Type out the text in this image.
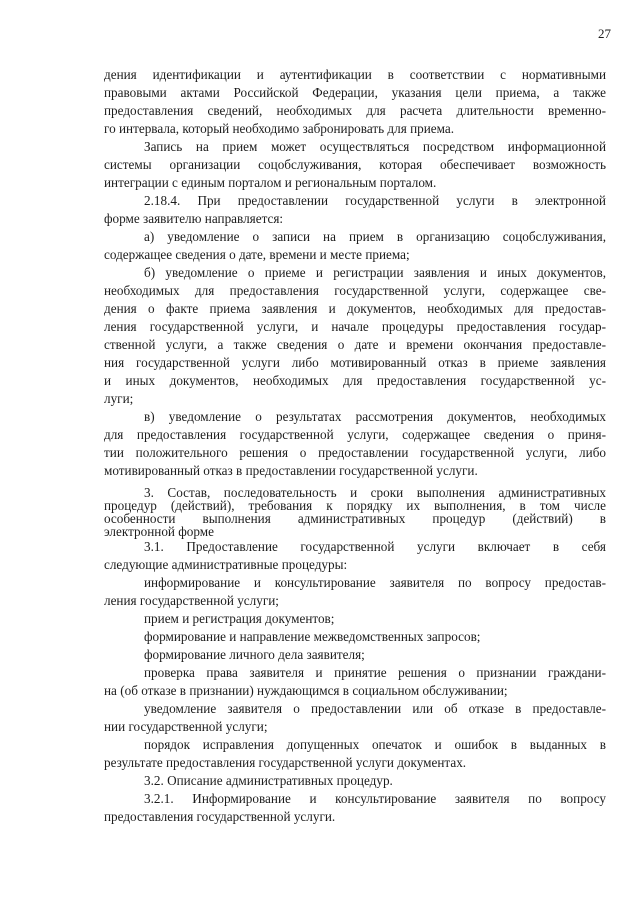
27
дения идентификации и аутентификации в соответствии с нормативными
правовыми актами Российской Федерации, указания цели приема, а также
предоставления сведений, необходимых для расчета длительности временно-
го интервала, который необходимо забронировать для приема.
Запись на прием может осуществляться посредством информационной
системы организации соцобслуживания, которая обеспечивает возможность
интеграции с единым порталом и региональным порталом.
2.18.4. При предоставлении государственной услуги в электронной
форме заявителю направляется:
а) уведомление о записи на прием в организацию соцобслуживания,
содержащее сведения о дате, времени и месте приема;
б) уведомление о приеме и регистрации заявления и иных документов,
необходимых для предоставления государственной услуги, содержащее све-
дения о факте приема заявления и документов, необходимых для предостав-
ления государственной услуги, и начале процедуры предоставления государ-
ственной услуги, а также сведения о дате и времени окончания предоставле-
ния государственной услуги либо мотивированный отказ в приеме заявления
и иных документов, необходимых для предоставления государственной ус-
луги;
в) уведомление о результатах рассмотрения документов, необходимых
для предоставления государственной услуги, содержащее сведения о приня-
тии положительного решения о предоставлении государственной услуги, либо
мотивированный отказ в предоставлении государственной услуги.
3. Состав, последовательность и сроки выполнения административных
процедур (действий), требования к порядку их выполнения, в том числе
особенности выполнения административных процедур (действий) в
электронной форме
3.1. Предоставление государственной услуги включает в себя
следующие административные процедуры:
информирование и консультирование заявителя по вопросу предостав-
ления государственной услуги;
прием и регистрация документов;
формирование и направление межведомственных запросов;
формирование личного дела заявителя;
проверка права заявителя и принятие решения о признании граждани-
на (об отказе в признании) нуждающимся в социальном обслуживании;
уведомление заявителя о предоставлении или об отказе в предоставле-
нии государственной услуги;
порядок исправления допущенных опечаток и ошибок в выданных в
результате предоставления государственной услуги документах.
3.2. Описание административных процедур.
3.2.1. Информирование и консультирование заявителя по вопросу
предоставления государственной услуги.
